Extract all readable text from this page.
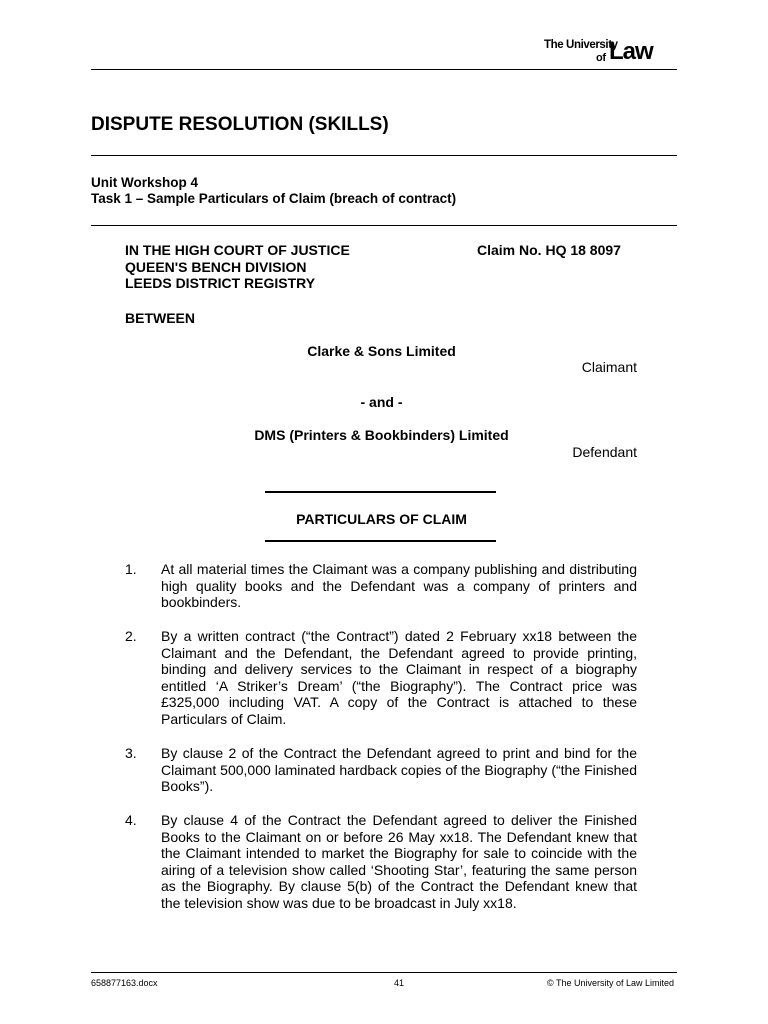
The University
of Law
DISPUTE RESOLUTION (SKILLS)
Unit Workshop 4
Task 1 – Sample Particulars of Claim (breach of contract)
IN THE HIGH COURT OF JUSTICE	Claim No. HQ 18 8097
QUEEN'S BENCH DIVISION
LEEDS DISTRICT REGISTRY
BETWEEN
Clarke & Sons Limited
Claimant
- and -
DMS (Printers & Bookbinders) Limited
Defendant
PARTICULARS OF CLAIM
1.	At all material times the Claimant was a company publishing and distributing high quality books and the Defendant was a company of printers and bookbinders.
2.	By a written contract (“the Contract”) dated 2 February xx18 between the Claimant and the Defendant, the Defendant agreed to provide printing, binding and delivery services to the Claimant in respect of a biography entitled ‘A Striker’s Dream’ (“the Biography”). The Contract price was £325,000 including VAT. A copy of the Contract is attached to these Particulars of Claim.
3.	By clause 2 of the Contract the Defendant agreed to print and bind for the Claimant 500,000 laminated hardback copies of the Biography (“the Finished Books”).
4.	By clause 4 of the Contract the Defendant agreed to deliver the Finished Books to the Claimant on or before 26 May xx18. The Defendant knew that the Claimant intended to market the Biography for sale to coincide with the airing of a television show called ‘Shooting Star’, featuring the same person as the Biography. By clause 5(b) of the Contract the Defendant knew that the television show was due to be broadcast in July xx18.
658877163.docx	41	© The University of Law Limited
